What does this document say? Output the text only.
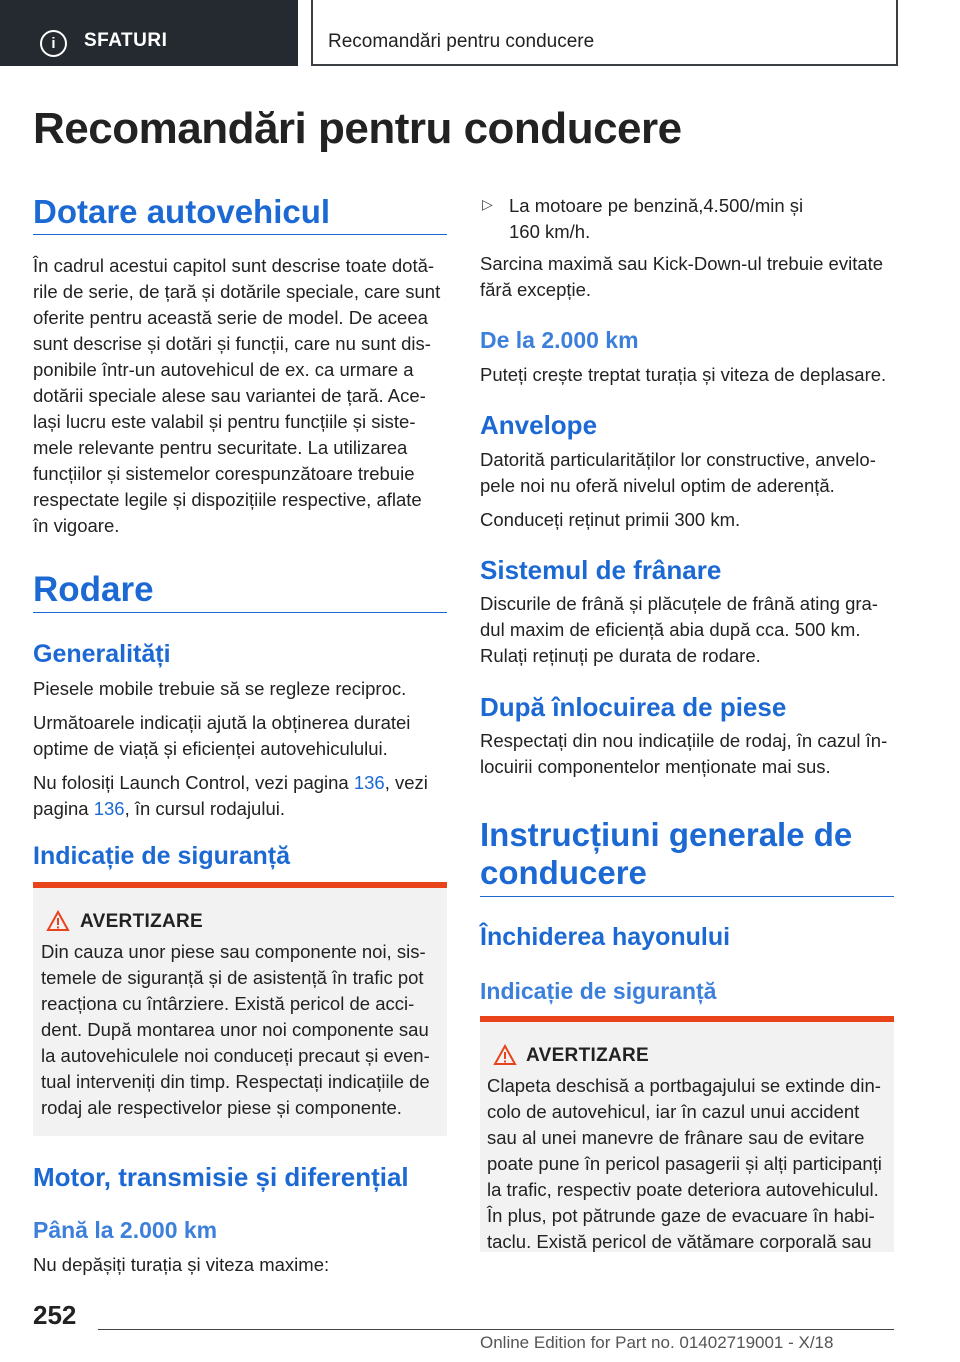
i	SFATURI	Recomandări pentru conducere
Recomandări pentru conducere
Dotare autovehicul

În cadrul acestui capitol sunt descrise toate dotă-

rile de serie, de țară și dotările speciale, care sunt

oferite pentru această serie de model. De aceea

sunt descrise și dotări și funcții, care nu sunt dis-

ponibile într-un autovehicul de ex. ca urmare a

dotării speciale alese sau variantei de țară. Ace-

lași lucru este valabil și pentru funcțiile și siste-

mele relevante pentru securitate. La utilizarea

funcțiilor și sistemelor corespunzătoare trebuie

respectate legile și dispozițiile respective, aflate

în vigoare.

Rodare
Generalități

Piesele mobile trebuie să se regleze reciproc.

Următoarele indicații ajută la obținerea duratei

optime de viață și eficienței autovehiculului.

Nu folosiți Launch Control, vezi pagina 136, vezi

pagina 136, în cursul rodajului.

Indicație de siguranță
AVERTIZARE

Din cauza unor piese sau componente noi, sis-

temele de siguranță și de asistență în trafic pot

reacționa cu întârziere. Există pericol de acci-

dent. După montarea unor noi componente sau

la autovehiculele noi conduceți precaut și even-

tual interveniți din timp. Respectați indicațiile de

rodaj ale respectivelor piese și componente.

Motor, transmisie și diferențial
Până la 2.000 km

Nu depășiți turația și viteza maxime:

▷ La motoare pe benzină,4.500/min și

160 km/h.

Sarcina maximă sau Kick-Down-ul trebuie evitate

fără excepție.

De la 2.000 km

Puteți crește treptat turația și viteza de deplasare.

Anvelope

Datorită particularităților lor constructive, anvelo-

pele noi nu oferă nivelul optim de aderență.

Conduceți reținut primii 300 km.

Sistemul de frânare

Discurile de frână și plăcuțele de frână ating gra-

dul maxim de eficiență abia după cca. 500 km.

Rulați reținuți pe durata de rodare.

După înlocuirea de piese

Respectați din nou indicațiile de rodaj, în cazul în-

locuirii componentelor menționate mai sus.

Instrucțiuni generale de
conducere
Închiderea hayonului
Indicație de siguranță
AVERTIZARE

Clapeta deschisă a portbagajului se extinde din-

colo de autovehicul, iar în cazul unui accident

sau al unei manevre de frânare sau de evitare

poate pune în pericol pasagerii și alți participanți

la trafic, respectiv poate deteriora autovehiculul.

În plus, pot pătrunde gaze de evacuare în habi-

taclu. Există pericol de vătămare corporală sau

252
Online Edition for Part no. 01402719001 - X/18
